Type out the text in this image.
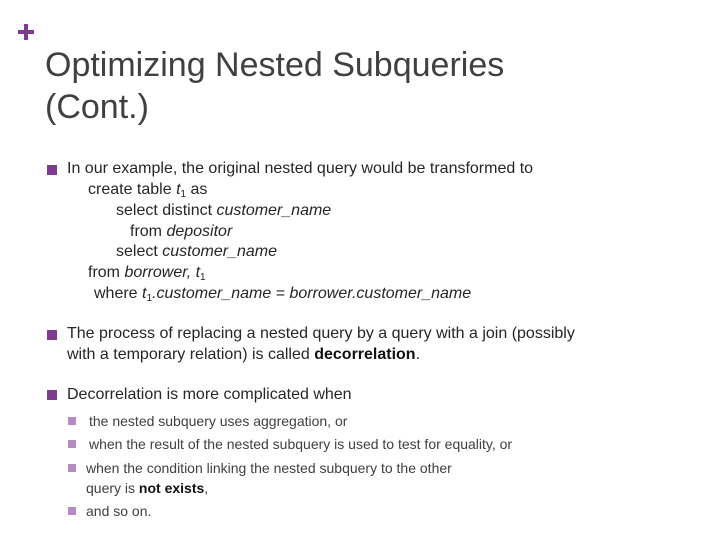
Optimizing Nested Subqueries
(Cont.)
In our example, the original nested query would be transformed to
create table $t_1$ as
select distinct customer_name
from depositor
select customer_name
from borrower, $t_1$
where $t_1.customer\_name$ = borrower.customer_name
The process of replacing a nested query by a query with a join (possibly
with a temporary relation) is called decorrelation.
Decorrelation is more complicated when
the nested subquery uses aggregation, or
when the result of the nested subquery is used to test for equality, or
when the condition linking the nested subquery to the other
query is not exists,
and so on.
